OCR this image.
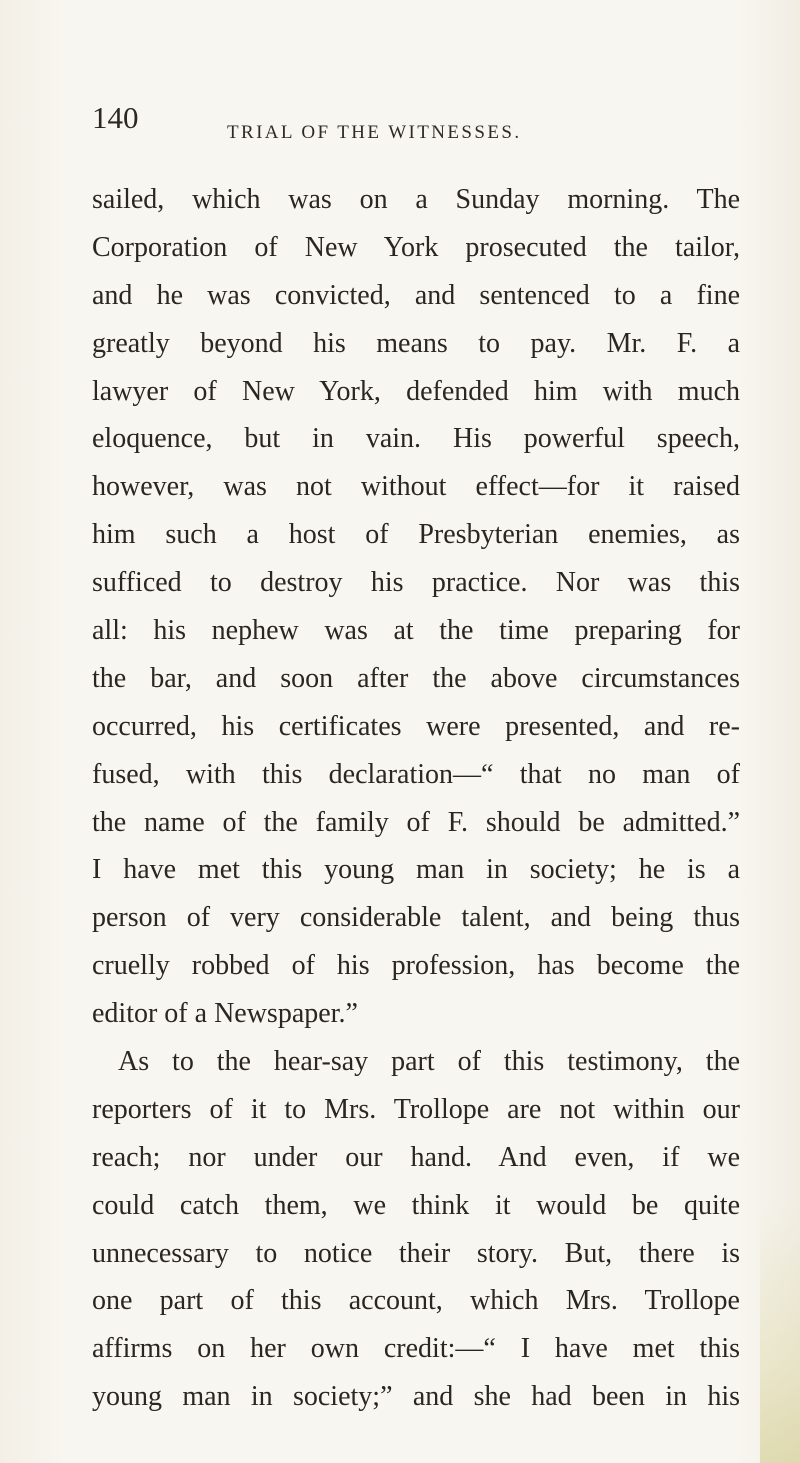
140	TRIAL OF THE WITNESSES.
sailed, which was on a Sunday morning. The
Corporation of New York prosecuted the tailor,
and he was convicted, and sentenced to a fine
greatly beyond his means to pay. Mr. F. a
lawyer of New York, defended him with much
eloquence, but in vain. His powerful speech,
however, was not without effect—for it raised
him such a host of Presbyterian enemies, as
sufficed to destroy his practice. Nor was this
all: his nephew was at the time preparing for
the bar, and soon after the above circumstances
occurred, his certificates were presented, and re-
fused, with this declaration—“ that no man of
the name of the family of F. should be admitted.”
I have met this young man in society; he is a
person of very considerable talent, and being thus
cruelly robbed of his profession, has become the
editor of a Newspaper.”
As to the hear-say part of this testimony, the
reporters of it to Mrs. Trollope are not within our
reach; nor under our hand. And even, if we
could catch them, we think it would be quite
unnecessary to notice their story. But, there is
one part of this account, which Mrs. Trollope
affirms on her own credit:—“ I have met this
young man in society;” and she had been in his
